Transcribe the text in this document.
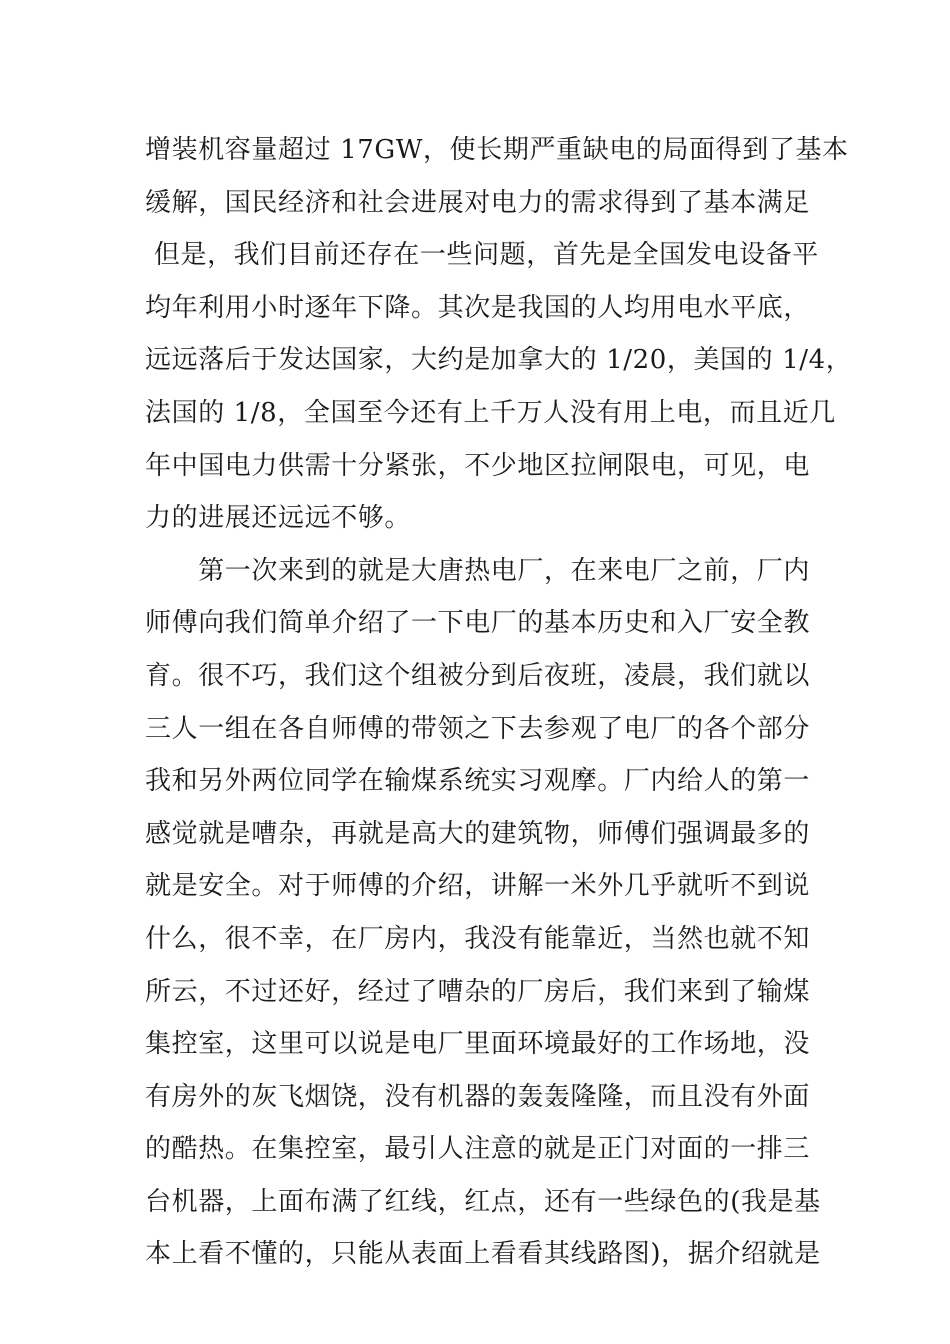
增装机容量超过 17GW，使长期严重缺电的局面得到了基本
缓解，国民经济和社会进展对电力的需求得到了基本满足
但是，我们目前还存在一些问题，首先是全国发电设备平
均年利用小时逐年下降。其次是我国的人均用电水平底，
远远落后于发达国家，大约是加拿大的 1/20，美国的 1/4，
法国的 1/8，全国至今还有上千万人没有用上电，而且近几
年中国电力供需十分紧张，不少地区拉闸限电，可见，电
力的进展还远远不够。
　　第一次来到的就是大唐热电厂，在来电厂之前，厂内
师傅向我们简单介绍了一下电厂的基本历史和入厂安全教
育。很不巧，我们这个组被分到后夜班，凌晨，我们就以
三人一组在各自师傅的带领之下去参观了电厂的各个部分
我和另外两位同学在输煤系统实习观摩。厂内给人的第一
感觉就是嘈杂，再就是高大的建筑物，师傅们强调最多的
就是安全。对于师傅的介绍，讲解一米外几乎就听不到说
什么，很不幸，在厂房内，我没有能靠近，当然也就不知
所云，不过还好，经过了嘈杂的厂房后，我们来到了输煤
集控室，这里可以说是电厂里面环境最好的工作场地，没
有房外的灰飞烟饶，没有机器的轰轰隆隆，而且没有外面
的酷热。在集控室，最引人注意的就是正门对面的一排三
台机器，上面布满了红线，红点，还有一些绿色的(我是基
本上看不懂的，只能从表面上看看其线路图)，据介绍就是
